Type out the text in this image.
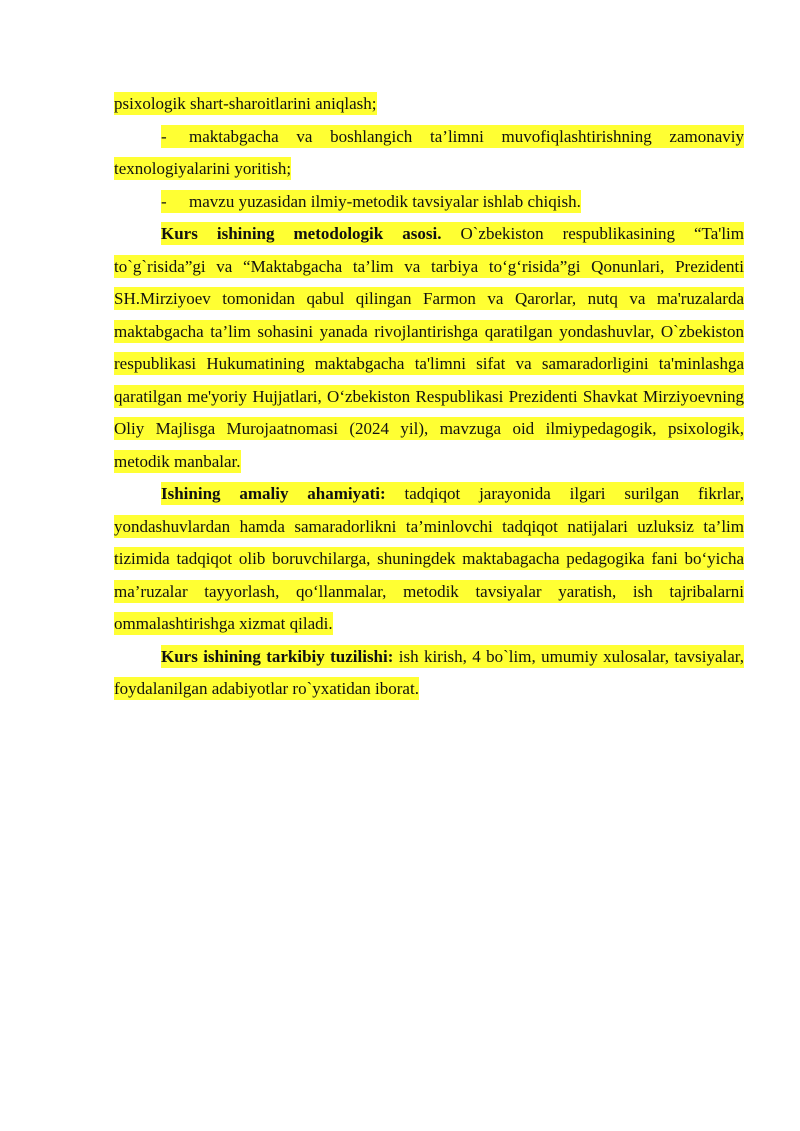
psixologik shart-sharoitlarini aniqlash;

- maktabgacha va boshlangich ta’limni muvofiqlashtirishning zamonaviy texnologiyalarini yoritish;

- mavzu yuzasidan ilmiy-metodik tavsiyalar ishlab chiqish.

Kurs ishining metodologik asosi. O`zbekiston respublikasining “Ta'lim to`g`risida”gi va “Maktabgacha ta’lim va tarbiya to‘g‘risida”gi Qonunlari, Prezidenti SH.Mirziyoev tomonidan qabul qilingan Farmon va Qarorlar, nutq va ma'ruzalarda maktabgacha ta’lim sohasini yanada rivojlantirishga qaratilgan yondashuvlar, O`zbekiston respublikasi Hukumatining maktabgacha ta'limni sifat va samaradorligini ta'minlashga qaratilgan me'yoriy Hujjatlari, O‘zbekiston Respublikasi Prezidenti Shavkat Mirziyoevning Oliy Majlisga Murojaatnomasi (2024 yil), mavzuga oid ilmiypedagogik, psixologik, metodik manbalar.

Ishining amaliy ahamiyati: tadqiqot jarayonida ilgari surilgan fikrlar, yondashuvlardan hamda samaradorlikni ta’minlovchi tadqiqot natijalari uzluksiz ta’lim tizimida tadqiqot olib boruvchilarga, shuningdek maktabagacha pedagogika fani bo‘yicha ma’ruzalar tayyorlash, qo‘llanmalar, metodik tavsiyalar yaratish, ish tajribalarni ommalashtirishga xizmat qiladi.

Kurs ishining tarkibiy tuzilishi: ish kirish, 4 bo`lim, umumiy xulosalar, tavsiyalar, foydalanilgan adabiyotlar ro`yxatidan iborat.
